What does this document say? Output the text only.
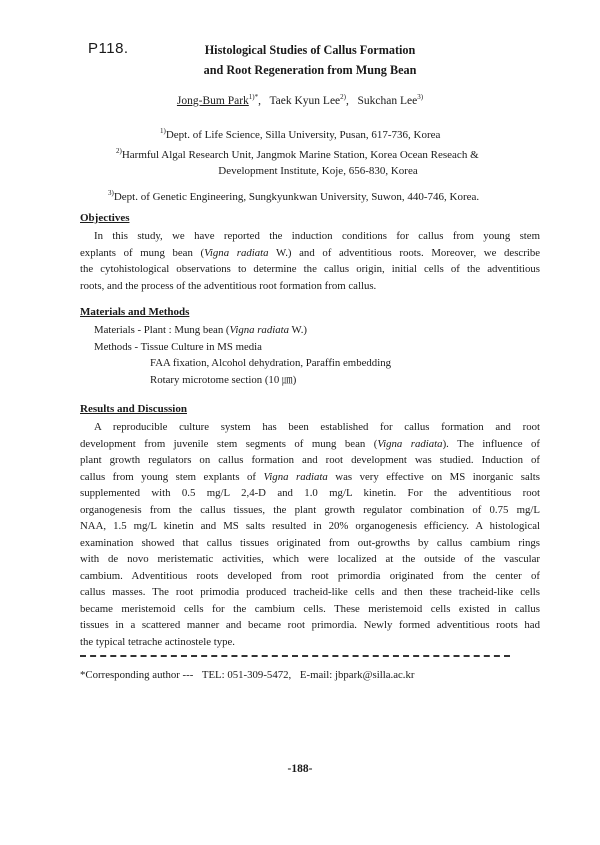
P118.	Histological Studies of Callus Formation
and Root Regeneration from Mung Bean
Jong-Bum Park$^{1)*}$, Taek Kyun Lee$^{2)}$, Sukchan Lee$^{3)}$
$^{1)}$Dept. of Life Science, Silla University, Pusan, 617-736, Korea
$^{2)}$Harmful Algal Research Unit, Jangmok Marine Station, Korea Ocean Reseach &
Development Institute, Koje, 656-830, Korea
$^{3)}$Dept. of Genetic Engineering, Sungkyunkwan University, Suwon, 440-746, Korea.
Objectives
In this study, we have reported the induction conditions for callus from young stem
explants of mung bean (Vigna radiata W.) and of adventitious roots. Moreover, we describe
the cytohistological observations to determine the callus origin, initial cells of the adventitious
roots, and the process of the adventitious root formation from callus.
Materials and Methods
Materials - Plant : Mung bean (Vigna radiata W.)
Methods - Tissue Culture in MS media
FAA fixation, Alcohol dehydration, Paraffin embedding
Rotary microtome section (10 ㎛)
Results and Discussion
A reproducible culture system has been established for callus formation and root
development from juvenile stem segments of mung bean (Vigna radiata). The influence of
plant growth regulators on callus formation and root development was studied. Induction of
callus from young stem explants of Vigna radiata was very effective on MS inorganic salts
supplemented with 0.5 mg/L 2,4-D and 1.0 mg/L kinetin. For the adventitious root
organogenesis from the callus tissues, the plant growth regulator combination of 0.75 mg/L
NAA, 1.5 mg/L kinetin and MS salts resulted in 20% organogenesis efficiency. A histological
examination showed that callus tissues originated from out-growths by callus cambium rings
with de novo meristematic activities, which were localized at the outside of the vascular
cambium. Adventitious roots developed from root primordia originated from the center of
callus masses. The root primodia produced tracheid-like cells and then these tracheid-like cells
became meristemoid cells for the cambium cells. These meristemoid cells existed in callus
tissues in a scattered manner and became root primordia. Newly formed adventitious roots had
the typical tetrache actinostele type.
*Corresponding author --- TEL: 051-309-5472, E-mail: jbpark@silla.ac.kr
-188-
